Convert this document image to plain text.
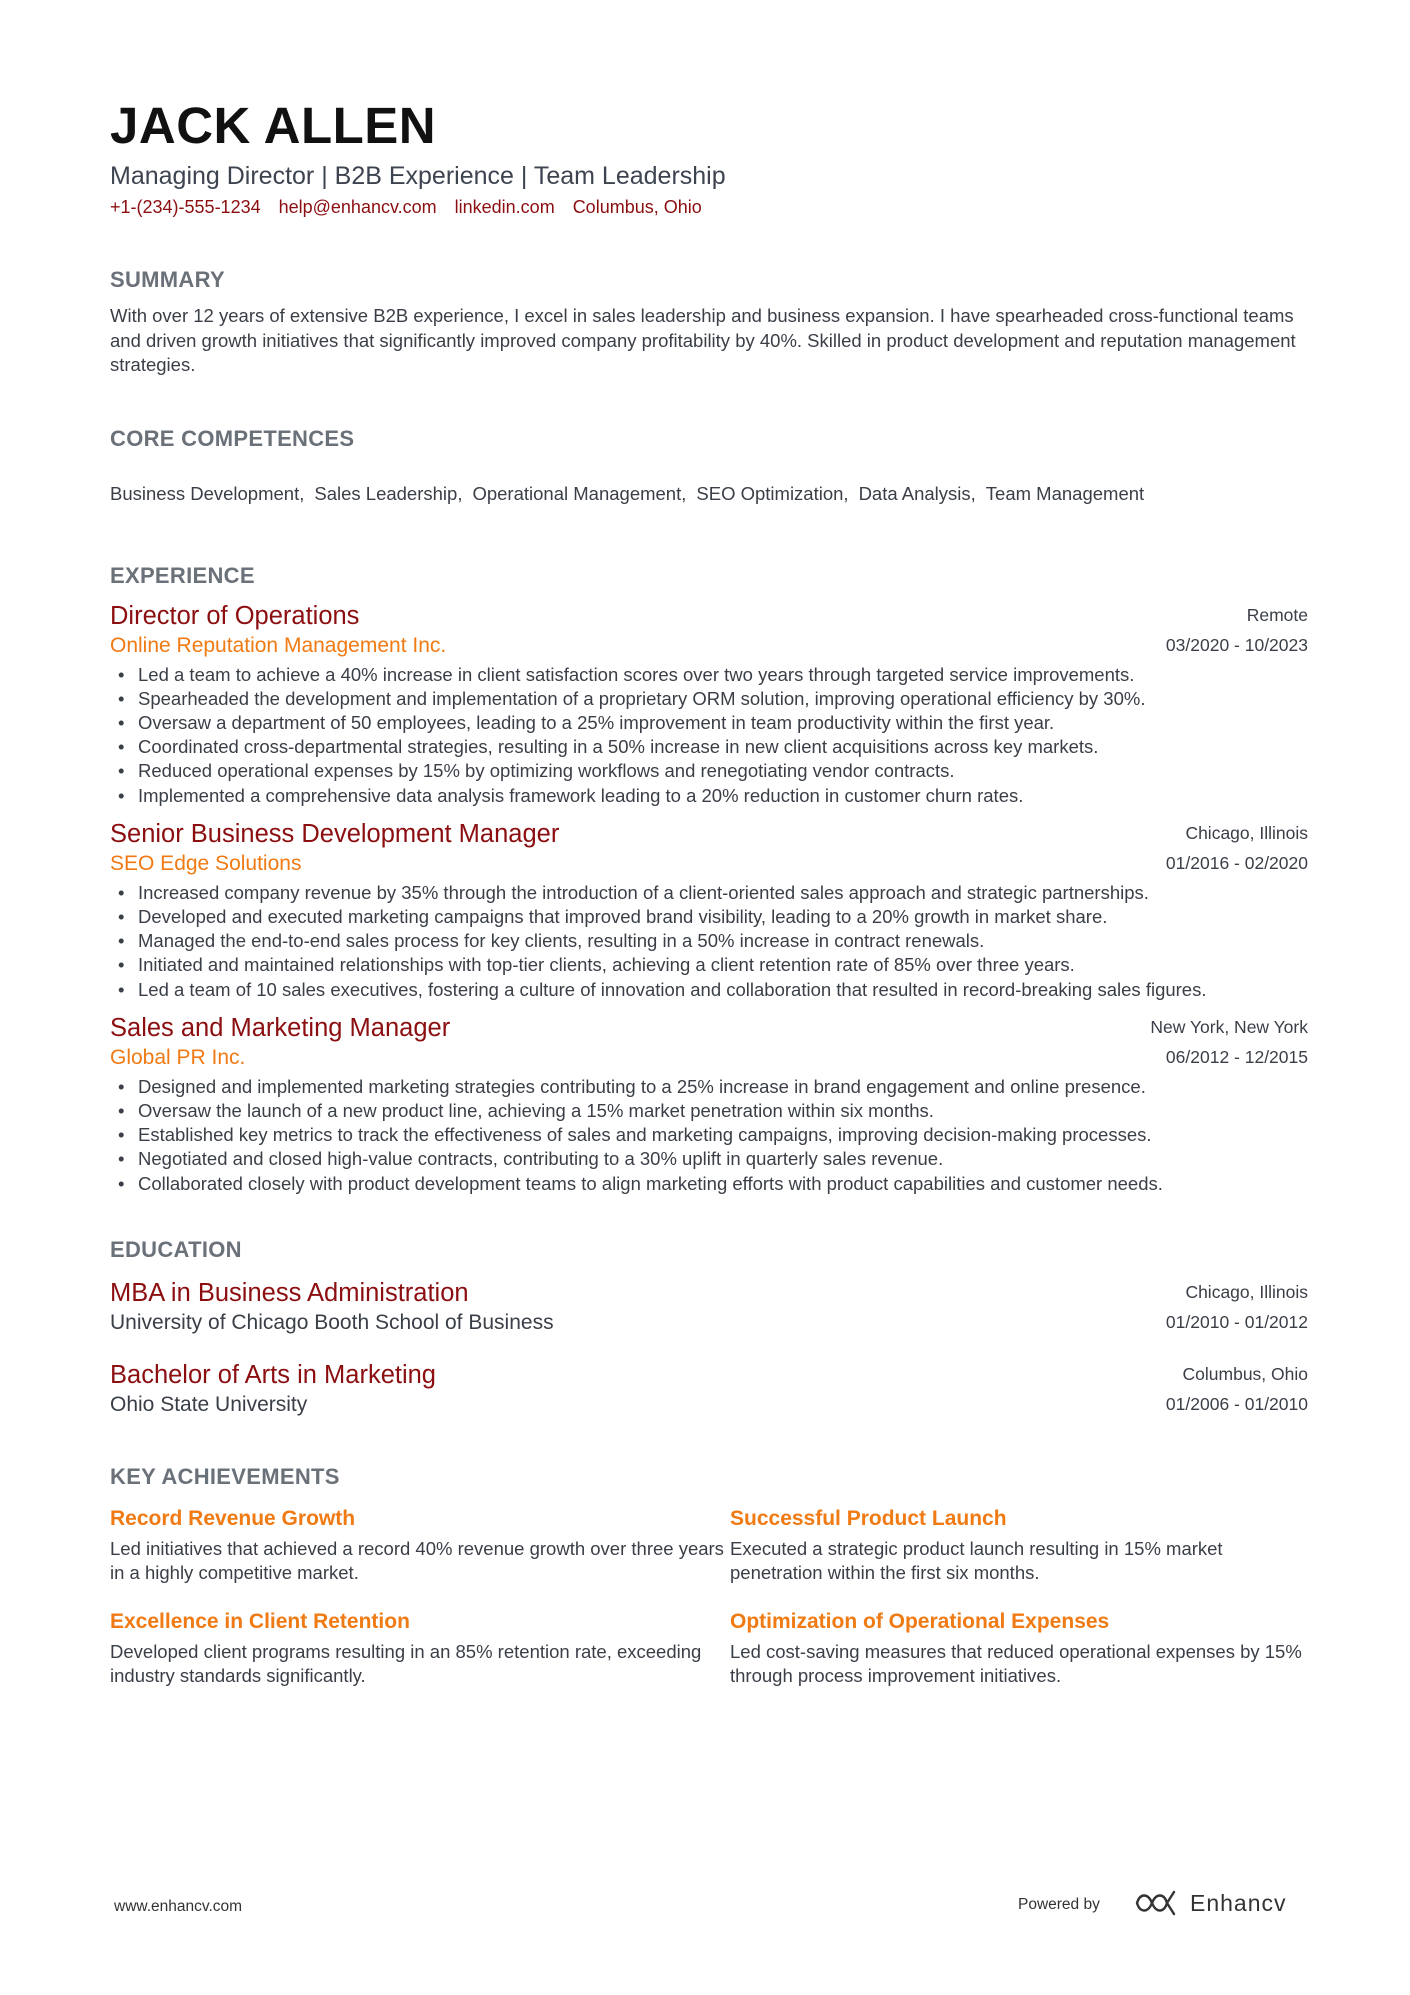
JACK ALLEN
Managing Director | B2B Experience | Team Leadership
+1-(234)-555-1234 help@enhancv.com linkedin.com Columbus, Ohio
SUMMARY

With over 12 years of extensive B2B experience, I excel in sales leadership and business expansion. I have spearheaded cross-functional teams and driven growth initiatives that significantly improved company profitability by 40%. Skilled in product development and reputation management strategies.

CORE COMPETENCES
Business Development , Sales Leadership , Operational Management , SEO Optimization , Data Analysis , Team Management
EXPERIENCE
Director of Operations
Online Reputation Management Inc.
Remote
03/2020 - 10/2023
• Led a team to achieve a 40% increase in client satisfaction scores over two years through targeted service improvements.
• Spearheaded the development and implementation of a proprietary ORM solution, improving operational efficiency by 30%.
• Oversaw a department of 50 employees, leading to a 25% improvement in team productivity within the first year.
• Coordinated cross-departmental strategies, resulting in a 50% increase in new client acquisitions across key markets.
• Reduced operational expenses by 15% by optimizing workflows and renegotiating vendor contracts.
• Implemented a comprehensive data analysis framework leading to a 20% reduction in customer churn rates.
Senior Business Development Manager
SEO Edge Solutions
Chicago, Illinois
01/2016 - 02/2020
• Increased company revenue by 35% through the introduction of a client-oriented sales approach and strategic partnerships.
• Developed and executed marketing campaigns that improved brand visibility, leading to a 20% growth in market share.
• Managed the end-to-end sales process for key clients, resulting in a 50% increase in contract renewals.
• Initiated and maintained relationships with top-tier clients, achieving a client retention rate of 85% over three years.
• Led a team of 10 sales executives, fostering a culture of innovation and collaboration that resulted in record-breaking sales figures.
Sales and Marketing Manager
Global PR Inc.
New York, New York
06/2012 - 12/2015
• Designed and implemented marketing strategies contributing to a 25% increase in brand engagement and online presence.
• Oversaw the launch of a new product line, achieving a 15% market penetration within six months.
• Established key metrics to track the effectiveness of sales and marketing campaigns, improving decision-making processes.
• Negotiated and closed high-value contracts, contributing to a 30% uplift in quarterly sales revenue.
• Collaborated closely with product development teams to align marketing efforts with product capabilities and customer needs.
EDUCATION
MBA in Business Administration
University of Chicago Booth School of Business
Chicago, Illinois
01/2010 - 01/2012
Bachelor of Arts in Marketing
Ohio State University
Columbus, Ohio
01/2006 - 01/2010
KEY ACHIEVEMENTS
Record Revenue Growth
Led initiatives that achieved a record 40% revenue growth over three years in a highly competitive market.
Successful Product Launch
Executed a strategic product launch resulting in 15% market penetration within the first six months.
Excellence in Client Retention
Developed client programs resulting in an 85% retention rate, exceeding industry standards significantly.
Optimization of Operational Expenses
Led cost-saving measures that reduced operational expenses by 15% through process improvement initiatives.
www.enhancv.com	Powered by	Enhancv
